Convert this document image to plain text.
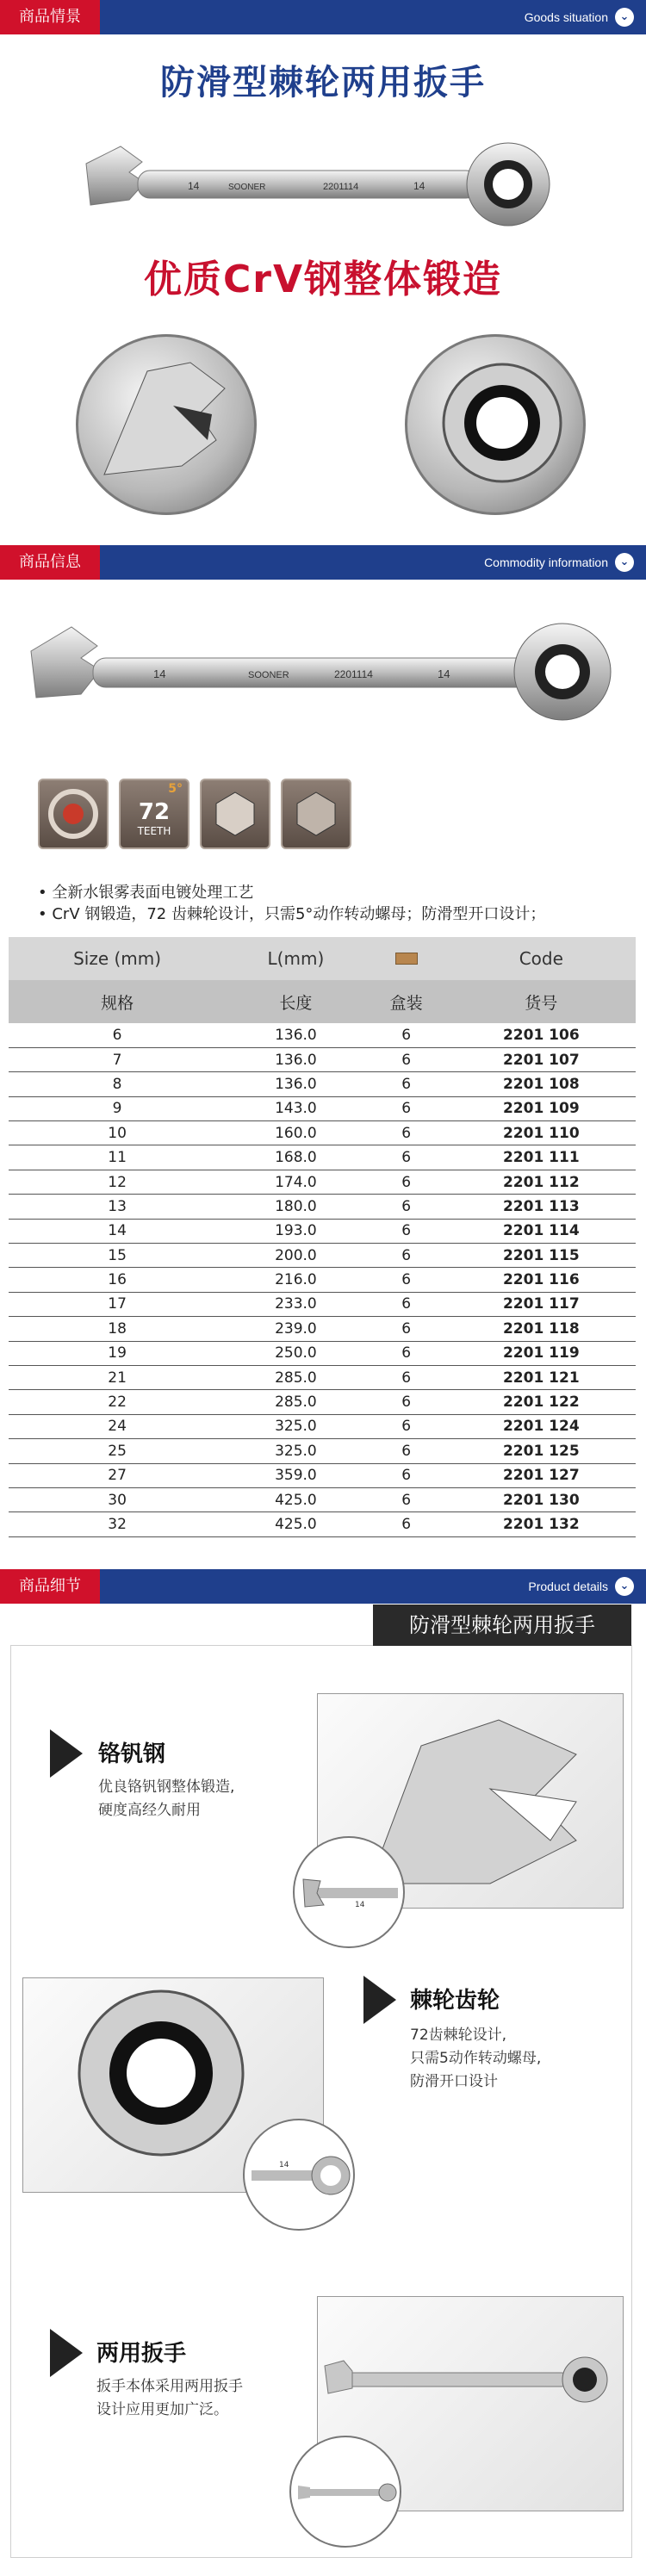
商品情景	Goods situation	⌄
防滑型棘轮两用扳手
14	SOONER	2201114	14
优质CrV钢整体锻造
商品信息	Commodity information	⌄
14	SOONER	2201114	14
5°
72
TEETH
• 全新水银雾表面电镀处理工艺
• CrV 钢锻造，72 齿棘轮设计，只需5°动作转动螺母；防滑型开口设计；
Size (mm)	L(mm)		Code
规格	长度	盒装	货号
6	136.0	6	2201 106
7	136.0	6	2201 107
8	136.0	6	2201 108
9	143.0	6	2201 109
10	160.0	6	2201 110
11	168.0	6	2201 111
12	174.0	6	2201 112
13	180.0	6	2201 113
14	193.0	6	2201 114
15	200.0	6	2201 115
16	216.0	6	2201 116
17	233.0	6	2201 117
18	239.0	6	2201 118
19	250.0	6	2201 119
21	285.0	6	2201 121
22	285.0	6	2201 122
24	325.0	6	2201 124
25	325.0	6	2201 125
27	359.0	6	2201 127
30	425.0	6	2201 130
32	425.0	6	2201 132
商品细节	Product details	⌄
防滑型棘轮两用扳手
铬钒钢
优良铬钒钢整体锻造,
硬度高经久耐用
14
14
棘轮齿轮
72齿棘轮设计,
只需5动作转动螺母,
防滑开口设计
两用扳手
扳手本体采用两用扳手
设计应用更加广泛。
